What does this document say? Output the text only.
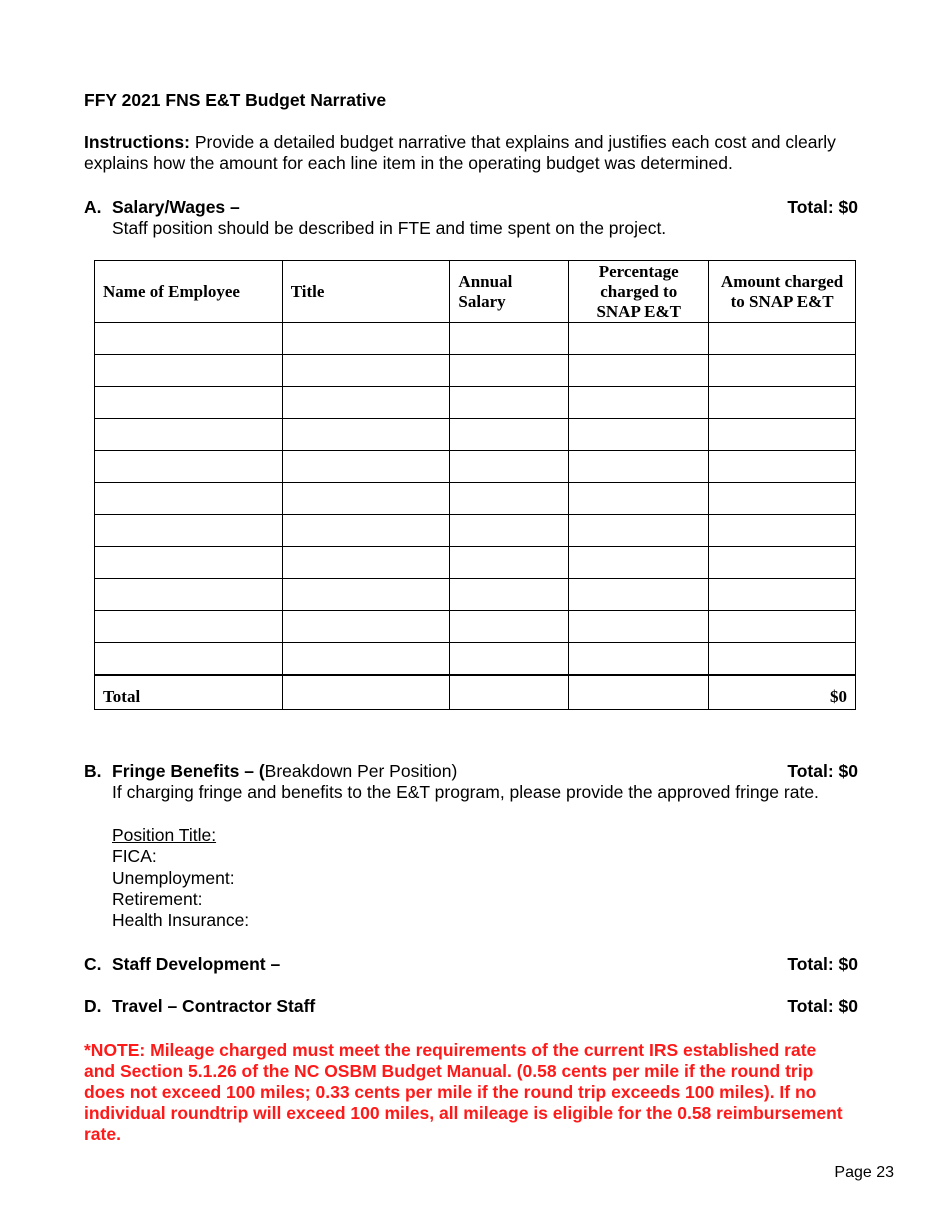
FFY 2021 FNS E&T Budget Narrative
Instructions: Provide a detailed budget narrative that explains and justifies each cost and clearly
explains how the amount for each line item in the operating budget was determined.
A. Salary/Wages –	Total: $0
Staff position should be described in FTE and time spent on the project.
Name of Employee	Title	Annual Salary	Percentage charged to SNAP E&T	Amount charged to SNAP E&T

Total				$0
B. Fringe Benefits – (Breakdown Per Position)	Total: $0
If charging fringe and benefits to the E&T program, please provide the approved fringe rate.
Position Title:
FICA:
Unemployment:
Retirement:
Health Insurance:
C. Staff Development –	Total: $0
D. Travel – Contractor Staff	Total: $0
*NOTE: Mileage charged must meet the requirements of the current IRS established rate
and Section 5.1.26 of the NC OSBM Budget Manual. (0.58 cents per mile if the round trip
does not exceed 100 miles; 0.33 cents per mile if the round trip exceeds 100 miles). If no
individual roundtrip will exceed 100 miles, all mileage is eligible for the 0.58 reimbursement
rate.
Page 23
